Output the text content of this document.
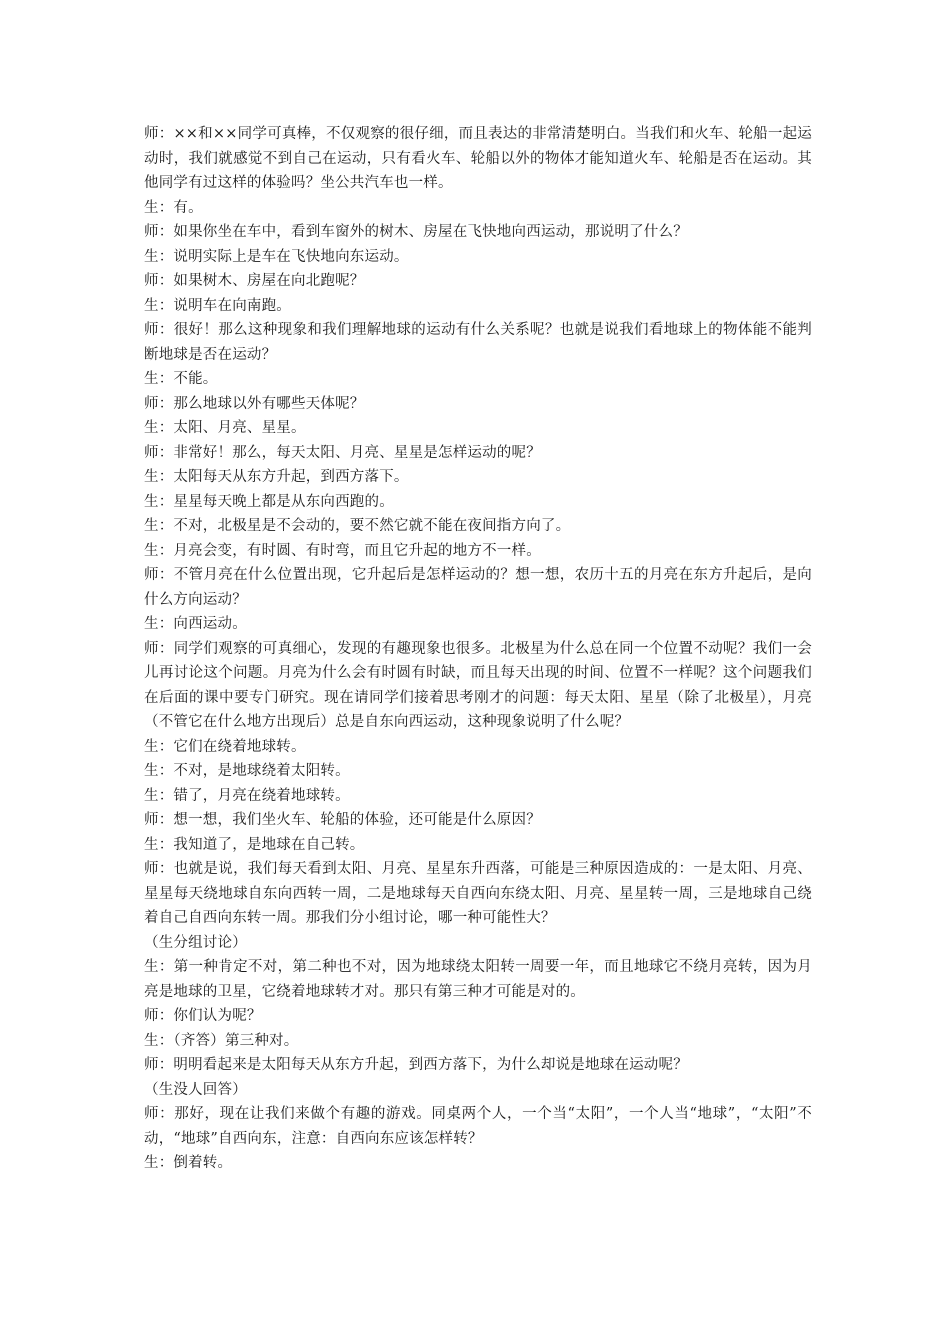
师：××和××同学可真棒，不仅观察的很仔细，而且表达的非常清楚明白。当我们和火车、轮船一起运动时，我们就感觉不到自己在运动，只有看火车、轮船以外的物体才能知道火车、轮船是否在运动。其他同学有过这样的体验吗？坐公共汽车也一样。
生：有。
师：如果你坐在车中，看到车窗外的树木、房屋在飞快地向西运动，那说明了什么？
生：说明实际上是车在飞快地向东运动。
师：如果树木、房屋在向北跑呢？
生：说明车在向南跑。
师：很好！那么这种现象和我们理解地球的运动有什么关系呢？也就是说我们看地球上的物体能不能判断地球是否在运动？
生：不能。
师：那么地球以外有哪些天体呢？
生：太阳、月亮、星星。
师：非常好！那么，每天太阳、月亮、星星是怎样运动的呢？
生：太阳每天从东方升起，到西方落下。
生：星星每天晚上都是从东向西跑的。
生：不对，北极星是不会动的，要不然它就不能在夜间指方向了。
生：月亮会变，有时圆、有时弯，而且它升起的地方不一样。
师：不管月亮在什么位置出现，它升起后是怎样运动的？想一想，农历十五的月亮在东方升起后，是向什么方向运动？
生：向西运动。
师：同学们观察的可真细心，发现的有趣现象也很多。北极星为什么总在同一个位置不动呢？我们一会儿再讨论这个问题。月亮为什么会有时圆有时缺，而且每天出现的时间、位置不一样呢？这个问题我们在后面的课中要专门研究。现在请同学们接着思考刚才的问题：每天太阳、星星（除了北极星），月亮（不管它在什么地方出现后）总是自东向西运动，这种现象说明了什么呢？
生：它们在绕着地球转。
生：不对，是地球绕着太阳转。
生：错了，月亮在绕着地球转。
师：想一想，我们坐火车、轮船的体验，还可能是什么原因？
生：我知道了，是地球在自己转。
师：也就是说，我们每天看到太阳、月亮、星星东升西落，可能是三种原因造成的：一是太阳、月亮、星星每天绕地球自东向西转一周，二是地球每天自西向东绕太阳、月亮、星星转一周，三是地球自己绕着自己自西向东转一周。那我们分小组讨论，哪一种可能性大？
（生分组讨论）
生：第一种肯定不对，第二种也不对，因为地球绕太阳转一周要一年，而且地球它不绕月亮转，因为月亮是地球的卫星，它绕着地球转才对。那只有第三种才可能是对的。
师：你们认为呢？
生：（齐答）第三种对。
师：明明看起来是太阳每天从东方升起，到西方落下，为什么却说是地球在运动呢？
（生没人回答）
师：那好，现在让我们来做个有趣的游戏。同桌两个人，一个当“太阳”，一个人当“地球”，“太阳”不动，“地球”自西向东，注意：自西向东应该怎样转？
生：倒着转。
